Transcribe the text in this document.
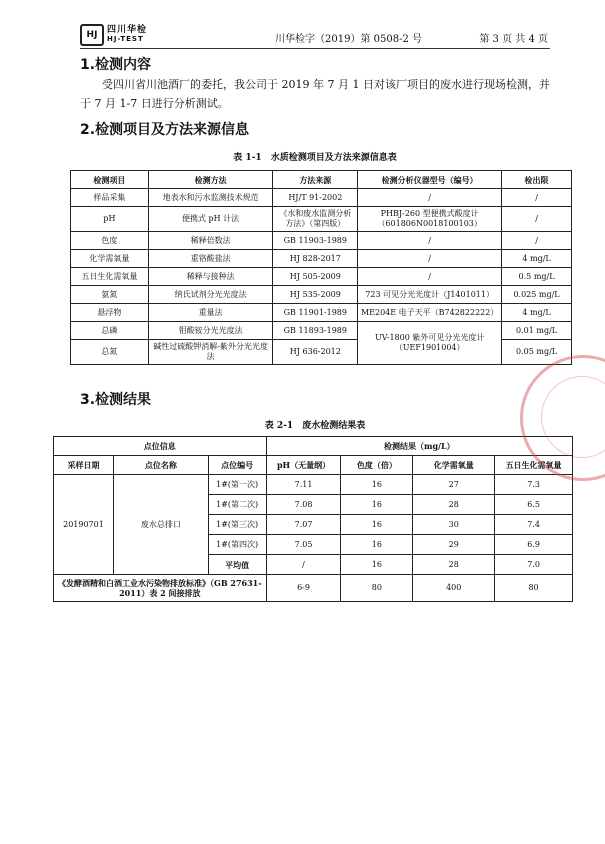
HJ	四川华检
HJ-TEST	川华检字（2019）第 0508-2 号	第 3 页 共 4 页
1.检测内容
受四川省川池酒厂的委托，我公司于 2019 年 7 月 1 日对该厂项目的废水进行现场检测，并于 7 月 1-7 日进行分析测试。
2.检测项目及方法来源信息
表 1-1　水质检测项目及方法来源信息表
检测项目	检测方法	方法来源	检测分析仪器型号（编号）	检出限
样品采集	地表水和污水监测技术规范	HJ/T 91-2002	/	/
pH	便携式 pH 计法	《水和废水监测分析方法》（第四版）	PHBJ-260 型便携式酸度计（601806N0018100103）	/
色度	稀释倍数法	GB 11903-1989	/	/
化学需氧量	重铬酸盐法	HJ 828-2017	/	4 mg/L
五日生化需氧量	稀释与接种法	HJ 505-2009	/	0.5 mg/L
氨氮	纳氏试剂分光光度法	HJ 535-2009	723 可见分光光度计（J1401011）	0.025 mg/L
悬浮物	重量法	GB 11901-1989	ME204E 电子天平（B742822222）	4 mg/L
总磷	钼酸铵分光光度法	GB 11893-1989	UV-1800 紫外可见分光光度计（UEF1901004）	0.01 mg/L
总氮	碱性过硫酸钾消解-紫外分光光度法	HJ 636-2012		0.05 mg/L
3.检测结果
表 2-1　废水检测结果表
点位信息			检测结果（mg/L）			
采样日期	点位名称	点位编号	pH（无量纲）	色度（倍）	化学需氧量	五日生化需氧量
20190701	废水总排口	1#(第一次)	7.11	16	27	7.3
		1#(第二次)	7.08	16	28	6.5
		1#(第三次)	7.07	16	30	7.4
		1#(第四次)	7.05	16	29	6.9
		平均值	/	16	28	7.0
《发酵酒精和白酒工业水污染物排放标准》（GB 27631-2011）表 2 间接排放			6-9	80	400	80
